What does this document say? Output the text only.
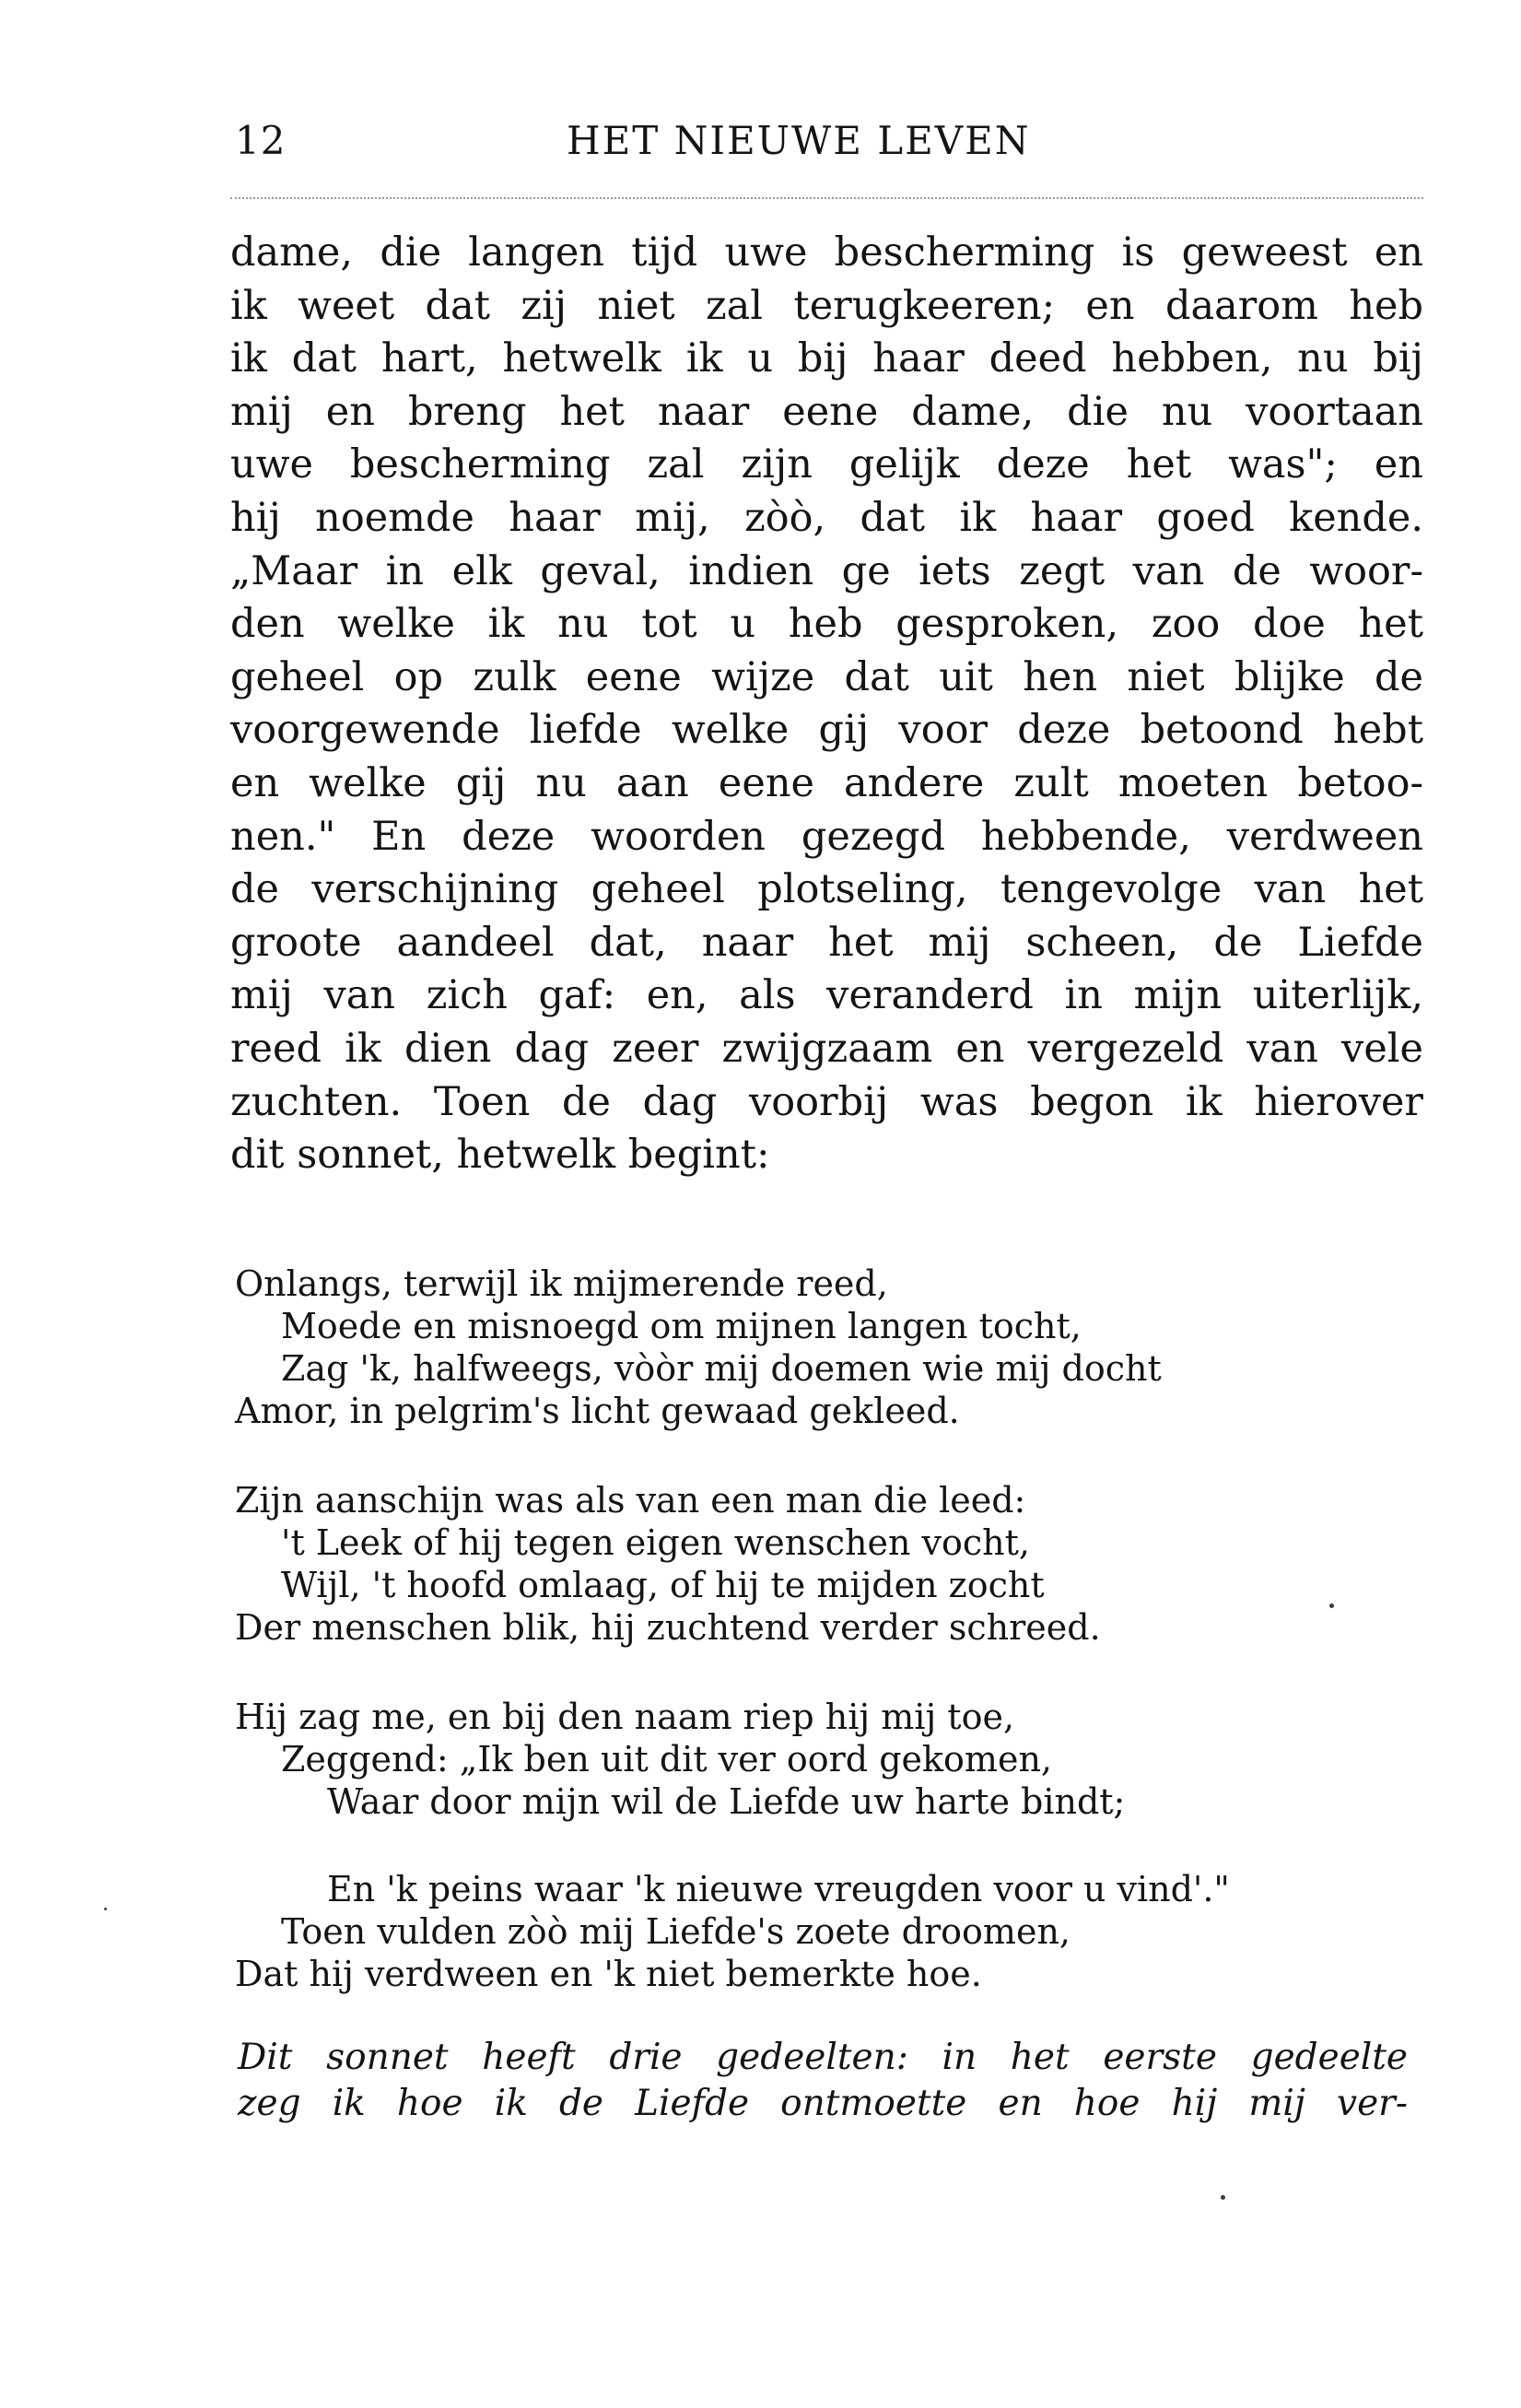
12	HET NIEUWE LEVEN
dame, die langen tijd uwe bescherming is geweest en
ik weet dat zij niet zal terugkeeren; en daarom heb
ik dat hart, hetwelk ik u bij haar deed hebben, nu bij
mij en breng het naar eene dame, die nu voortaan
uwe bescherming zal zijn gelijk deze het was"; en
hij noemde haar mij, zòò, dat ik haar goed kende.
„Maar in elk geval, indien ge iets zegt van de woor-
den welke ik nu tot u heb gesproken, zoo doe het
geheel op zulk eene wijze dat uit hen niet blijke de
voorgewende liefde welke gij voor deze betoond hebt
en welke gij nu aan eene andere zult moeten betoo-
nen." En deze woorden gezegd hebbende, verdween
de verschijning geheel plotseling, tengevolge van het
groote aandeel dat, naar het mij scheen, de Liefde
mij van zich gaf: en, als veranderd in mijn uiterlijk,
reed ik dien dag zeer zwijgzaam en vergezeld van vele
zuchten. Toen de dag voorbij was begon ik hierover
dit sonnet, hetwelk begint:
Onlangs, terwijl ik mijmerende reed,
Moede en misnoegd om mijnen langen tocht,
Zag 'k, halfweegs, vòòr mij doemen wie mij docht
Amor, in pelgrim's licht gewaad gekleed.
Zijn aanschijn was als van een man die leed:
't Leek of hij tegen eigen wenschen vocht,
Wijl, 't hoofd omlaag, of hij te mijden zocht
Der menschen blik, hij zuchtend verder schreed.
Hij zag me, en bij den naam riep hij mij toe,
Zeggend: „Ik ben uit dit ver oord gekomen,
Waar door mijn wil de Liefde uw harte bindt;
En 'k peins waar 'k nieuwe vreugden voor u vind'."
Toen vulden zòò mij Liefde's zoete droomen,
Dat hij verdween en 'k niet bemerkte hoe.
Dit sonnet heeft drie gedeelten: in het eerste gedeelte
zeg ik hoe ik de Liefde ontmoette en hoe hij mij ver-
